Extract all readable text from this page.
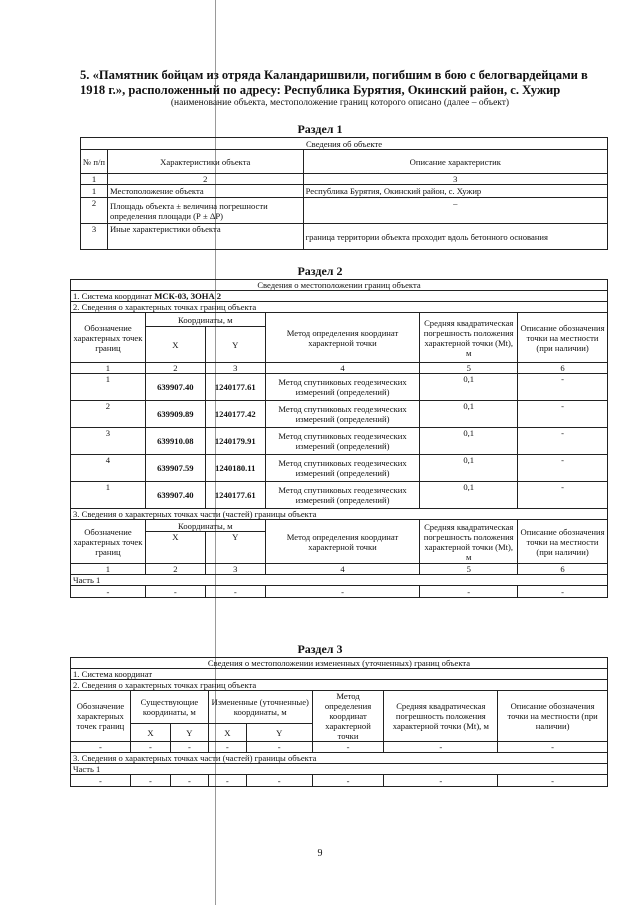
5. «Памятник бойцам из отряда Каландаришвили, погибшим в бою с белогвардейцами в 1918 г.», расположенный по адресу: Республика Бурятия, Окинский район, с. Хужир
(наименование объекта, местоположение границ которого описано (далее – объект)
Раздел 1
Сведения об объекте		
№ п/п	Характеристики объекта	Описание характеристик
1	2	3
1	Местоположение объекта	Республика Бурятия, Окинский район, с. Хужир
2	Площадь объекта ± величина погрешности определения площади (Р ± ΔР)	–
3	Иные характеристики объекта	граница территории объекта проходит вдоль бетонного основания
Раздел 2
Сведения о местоположении границ объекта					
1. Система координат МСК-03, ЗОНА 2					
2. Сведения о характерных точках границ объекта					
Обозначение характерных точек границ	Координаты, м		Метод определения координат характерной точки	Средняя квадратическая погрешность положения характерной точки (Mt), м	Описание обозначения точки на местности (при наличии)
	X	Y			
1	2	3	4	5	6
1	639907.40	1240177.61	Метод спутниковых геодезических измерений (определений)	0,1	-
2	639909.89	1240177.42	Метод спутниковых геодезических измерений (определений)	0,1	-
3	639910.08	1240179.91	Метод спутниковых геодезических измерений (определений)	0,1	-
4	639907.59	1240180.11	Метод спутниковых геодезических измерений (определений)	0,1	-
1	639907.40	1240177.61	Метод спутниковых геодезических измерений (определений)	0,1	-
3. Сведения о характерных точках части (частей) границы объекта					
Обозначение характерных точек границ	Координаты, м		Метод определения координат характерной точки	Средняя квадратическая погрешность положения характерной точки (Mt), м	Описание обозначения точки на местности (при наличии)
	X	Y			
1	2	3	4	5	6
Часть 1					
-	-	-	-	-	-
Раздел 3
Сведения о местоположении измененных (уточненных) границ объекта							
1. Система координат							
2. Сведения о характерных точках границ объекта							
Обозначение характерных точек границ	Существующие координаты, м		Измененные (уточненные) координаты, м		Метод определения координат характерной точки	Средняя квадратическая погрешность положения характерной точки (Mt), м	Описание обозначения точки на местности (при наличии)
	X	Y	X	Y			
-	-	-	-	-	-	-	-
3. Сведения о характерных точках части (частей) границы объекта							
Часть 1							
-	-	-	-	-	-	-	-
9
